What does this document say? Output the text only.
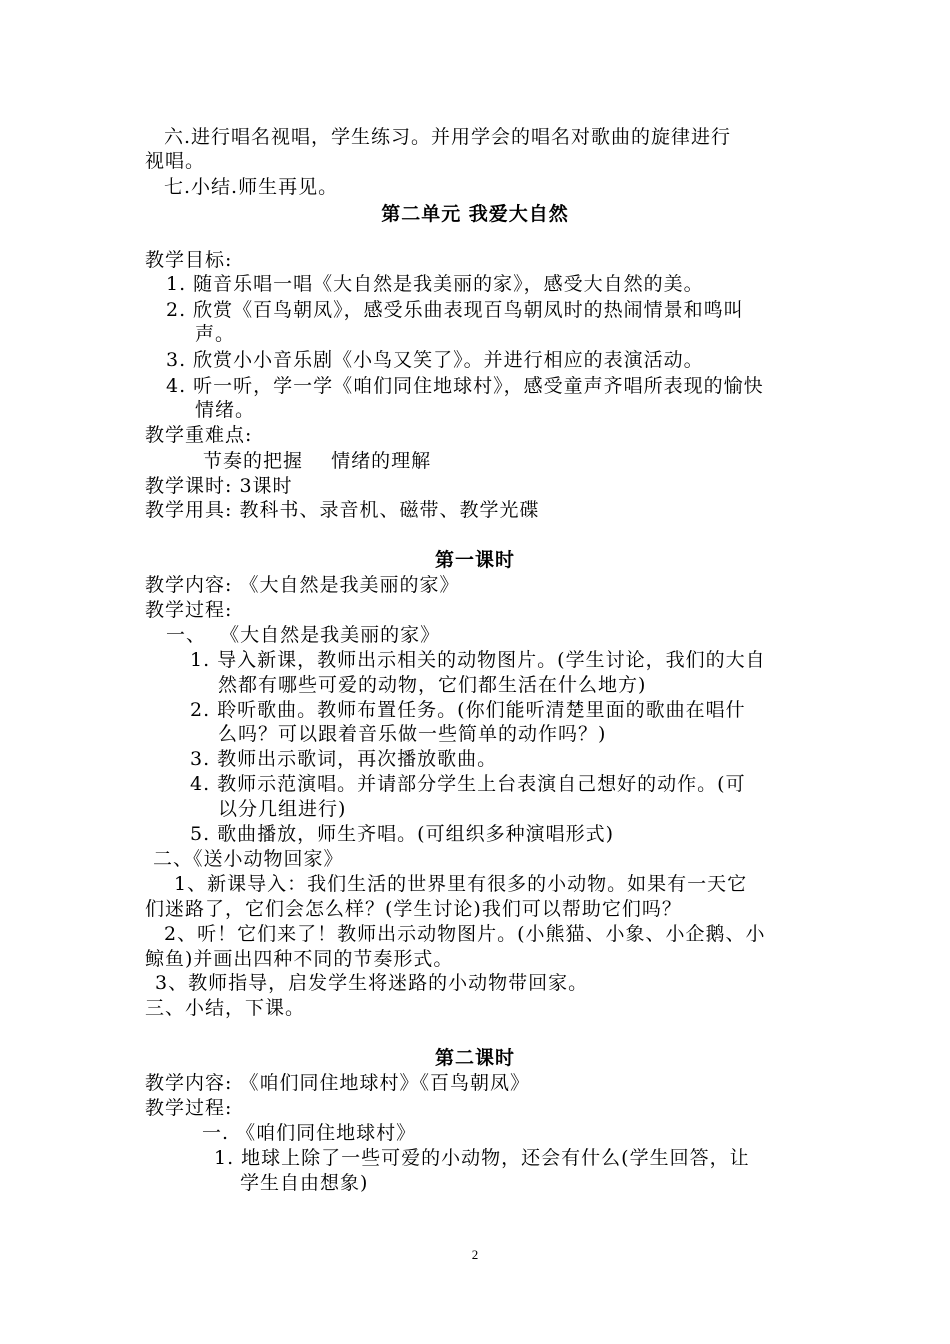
六.进行唱名视唱，学生练习。并用学会的唱名对歌曲的旋律进行
视唱。
七.小结.师生再见。
第二单元 我爱大自然
教学目标:
1. 随音乐唱一唱《大自然是我美丽的家》，感受大自然的美。
2. 欣赏《百鸟朝凤》，感受乐曲表现百鸟朝凤时的热闹情景和鸣叫
声。
3. 欣赏小小音乐剧《小鸟又笑了》。并进行相应的表演活动。
4. 听一听，学一学《咱们同住地球村》，感受童声齐唱所表现的愉快
情绪。
教学重难点:
节奏的把握    情绪的理解
教学课时: 3课时
教学用具: 教科书、录音机、磁带、教学光碟
第一课时
教学内容: 《大自然是我美丽的家》
教学过程:
一、  《大自然是我美丽的家》
1. 导入新课，教师出示相关的动物图片。(学生讨论，我们的大自
然都有哪些可爱的动物，它们都生活在什么地方)
2. 聆听歌曲。教师布置任务。(你们能听清楚里面的歌曲在唱什
么吗？可以跟着音乐做一些简单的动作吗？)
3. 教师出示歌词，再次播放歌曲。
4. 教师示范演唱。并请部分学生上台表演自己想好的动作。(可
以分几组进行)
5. 歌曲播放，师生齐唱。(可组织多种演唱形式)
二、《送小动物回家》
1、新课导入：我们生活的世界里有很多的小动物。如果有一天它
们迷路了，它们会怎么样？(学生讨论)我们可以帮助它们吗？
2、听！它们来了！教师出示动物图片。(小熊猫、小象、小企鹅、小
鲸鱼)并画出四种不同的节奏形式。
3、教师指导，启发学生将迷路的小动物带回家。
三、小结，下课。
第二课时
教学内容: 《咱们同住地球村》《百鸟朝凤》
教学过程:
一. 《咱们同住地球村》
1. 地球上除了一些可爱的小动物，还会有什么(学生回答，让
学生自由想象)
2
